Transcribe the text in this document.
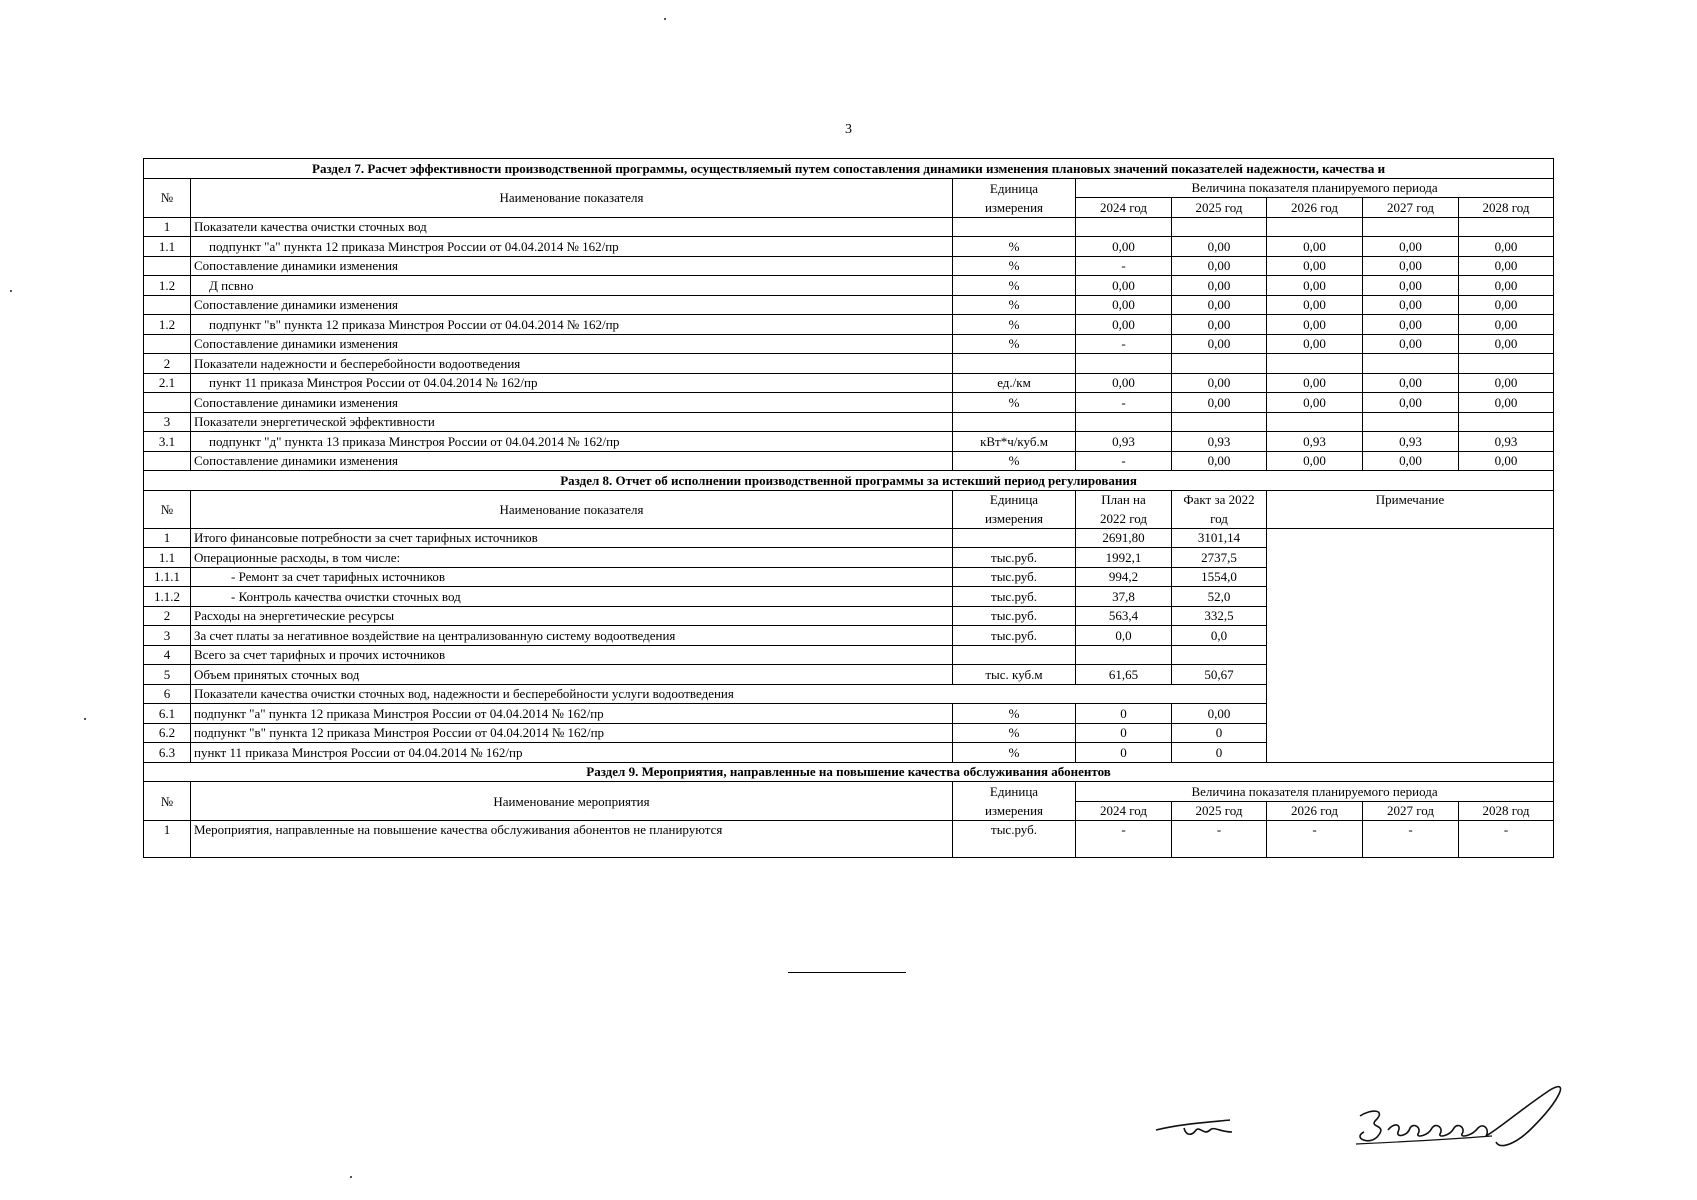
3
Раздел 7. Расчет эффективности производственной программы, осуществляемый путем сопоставления динамики изменения плановых значений показателей надежности, качества и							
№	Наименование показателя	Единица	Величина показателя планируемого периода				
		измерения	2024 год	2025 год	2026 год	2027 год	2028 год
1	Показатели качества очистки сточных вод						
1.1	подпункт "а" пункта 12 приказа Минстроя России от 04.04.2014 № 162/пр	%	0,00	0,00	0,00	0,00	0,00
	Сопоставление динамики изменения	%	-	0,00	0,00	0,00	0,00
1.2	Д псвно	%	0,00	0,00	0,00	0,00	0,00
	Сопоставление динамики изменения	%	0,00	0,00	0,00	0,00	0,00
1.2	подпункт "в" пункта 12 приказа Минстроя России от 04.04.2014 № 162/пр	%	0,00	0,00	0,00	0,00	0,00
	Сопоставление динамики изменения	%	-	0,00	0,00	0,00	0,00
2	Показатели надежности и бесперебойности водоотведения						
2.1	пункт 11 приказа Минстроя России от 04.04.2014 № 162/пр	ед./км	0,00	0,00	0,00	0,00	0,00
	Сопоставление динамики изменения	%	-	0,00	0,00	0,00	0,00
3	Показатели энергетической эффективности						
3.1	подпункт "д" пункта 13 приказа Минстроя России от 04.04.2014 № 162/пр	кВт*ч/куб.м	0,93	0,93	0,93	0,93	0,93
	Сопоставление динамики изменения	%	-	0,00	0,00	0,00	0,00
Раздел 8. Отчет об исполнении производственной программы за истекший период регулирования							
№	Наименование показателя	Единица	План на	Факт за 2022	Примечание		
		измерения	2022 год	год			
1	Итого финансовые потребности за счет тарифных источников		2691,80	3101,14			
1.1	Операционные расходы, в том числе:	тыс.руб.	1992,1	2737,5			
1.1.1	- Ремонт за счет тарифных источников	тыс.руб.	994,2	1554,0			
1.1.2	- Контроль качества очистки сточных вод	тыс.руб.	37,8	52,0			
2	Расходы на энергетические ресурсы	тыс.руб.	563,4	332,5			
3	За счет платы за негативное воздействие на централизованную систему водоотведения	тыс.руб.	0,0	0,0			
4	Всего за счет тарифных и прочих источников						
5	Объем принятых сточных вод	тыс. куб.м	61,65	50,67			
6	Показатели качества очистки сточных вод, надежности и бесперебойности услуги водоотведения						
6.1	подпункт "а" пункта 12 приказа Минстроя России от 04.04.2014 № 162/пр	%	0	0,00			
6.2	подпункт "в" пункта 12 приказа Минстроя России от 04.04.2014 № 162/пр	%	0	0			
6.3	пункт 11 приказа Минстроя России от 04.04.2014 № 162/пр	%	0	0			
Раздел 9. Мероприятия, направленные на повышение качества обслуживания абонентов							
№	Наименование мероприятия	Единица	Величина показателя планируемого периода				
		измерения	2024 год	2025 год	2026 год	2027 год	2028 год
1	Мероприятия, направленные на повышение качества обслуживания абонентов не планируются	тыс.руб.	-	-	-	-	-
